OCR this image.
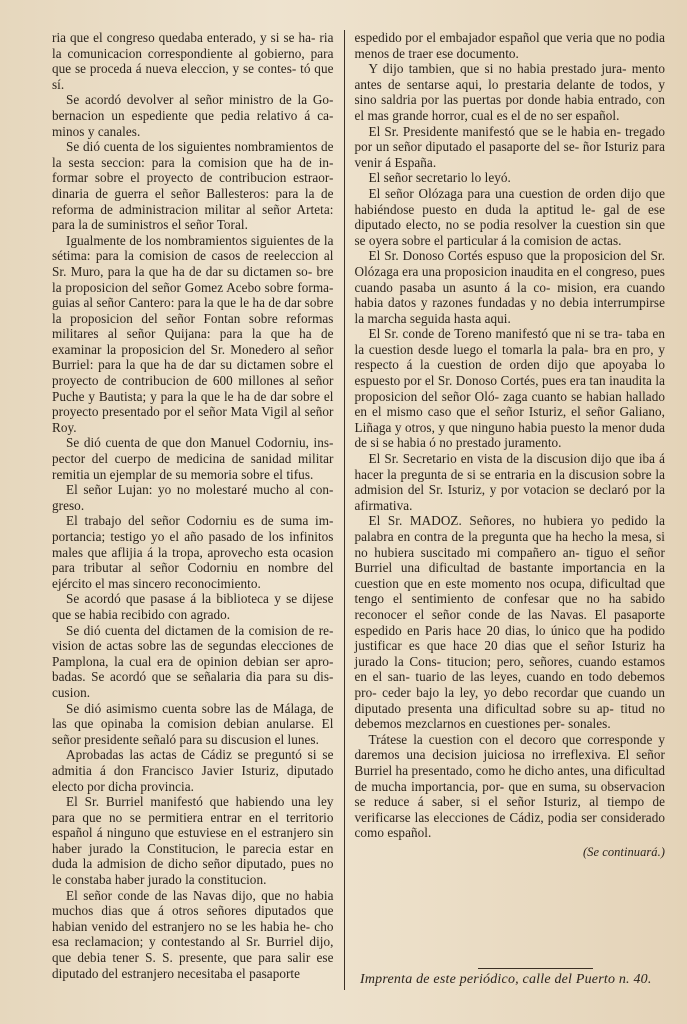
ria que el congreso quedaba enterado, y si se ha- ria la comunicacion correspondiente al gobierno, para que se proceda á nueva eleccion, y se contes- tó que sí.

Se acordó devolver al señor ministro de la Go- bernacion un espediente que pedia relativo á ca- minos y canales.

Se dió cuenta de los siguientes nombramientos de la sesta seccion: para la comision que ha de in- formar sobre el proyecto de contribucion estraor- dinaria de guerra el señor Ballesteros: para la de reforma de administracion militar al señor Arteta: para la de suministros el señor Toral.

Igualmente de los nombramientos siguientes de la sétima: para la comision de casos de reeleccion al Sr. Muro, para la que ha de dar su dictamen so- bre la proposicion del señor Gomez Acebo sobre forma-guias al señor Cantero: para la que le ha de dar sobre la proposicion del señor Fontan sobre reformas militares al señor Quijana: para la que ha de examinar la proposicion del Sr. Monedero al señor Burriel: para la que ha de dar su dictamen sobre el proyecto de contribucion de 600 millones al señor Puche y Bautista; y para la que le ha de dar sobre el proyecto presentado por el señor Mata Vigil al señor Roy.

Se dió cuenta de que don Manuel Codorniu, ins- pector del cuerpo de medicina de sanidad militar remitia un ejemplar de su memoria sobre el tifus.

El señor Lujan: yo no molestaré mucho al con- greso.

El trabajo del señor Codorniu es de suma im- portancia; testigo yo el año pasado de los infinitos males que aflijia á la tropa, aprovecho esta ocasion para tributar al señor Codorniu en nombre del ejército el mas sincero reconocimiento.

Se acordó que pasase á la biblioteca y se dijese que se habia recibido con agrado.

Se dió cuenta del dictamen de la comision de re- vision de actas sobre las de segundas elecciones de Pamplona, la cual era de opinion debian ser apro- badas. Se acordó que se señalaria dia para su dis- cusion.

Se dió asimismo cuenta sobre las de Málaga, de las que opinaba la comision debian anularse. El señor presidente señaló para su discusion el lunes.

Aprobadas las actas de Cádiz se preguntó si se admitia á don Francisco Javier Isturiz, diputado electo por dicha provincia.

El Sr. Burriel manifestó que habiendo una ley para que no se permitiera entrar en el territorio español á ninguno que estuviese en el estranjero sin haber jurado la Constitucion, le parecia estar en duda la admision de dicho señor diputado, pues no le constaba haber jurado la constitucion.

El señor conde de las Navas dijo, que no habia muchos dias que á otros señores diputados que habian venido del estranjero no se les habia he- cho esa reclamacion; y contestando al Sr. Burriel dijo, que debia tener S. S. presente, que para salir ese diputado del estranjero necesitaba el pasaporte

espedido por el embajador español que veria que no podia menos de traer ese documento.

Y dijo tambien, que si no habia prestado jura- mento antes de sentarse aqui, lo prestaria delante de todos, y sino saldria por las puertas por donde habia entrado, con el mas grande horror, cual es el de no ser español.

El Sr. Presidente manifestó que se le habia en- tregado por un señor diputado el pasaporte del se- ñor Isturiz para venir á España.

El señor secretario lo leyó.

El señor Olózaga para una cuestion de orden dijo que habiéndose puesto en duda la aptitud le- gal de ese diputado electo, no se podia resolver la cuestion sin que se oyera sobre el particular á la comision de actas.

El Sr. Donoso Cortés espuso que la proposicion del Sr. Olózaga era una proposicion inaudita en el congreso, pues cuando pasaba un asunto á la co- mision, era cuando habia datos y razones fundadas y no debia interrumpirse la marcha seguida hasta aqui.

El Sr. conde de Toreno manifestó que ni se tra- taba en la cuestion desde luego el tomarla la pala- bra en pro, y respecto á la cuestion de orden dijo que apoyaba lo espuesto por el Sr. Donoso Cortés, pues era tan inaudita la proposicion del señor Oló- zaga cuanto se habian hallado en el mismo caso que el señor Isturiz, el señor Galiano, Liñaga y otros, y que ninguno habia puesto la menor duda de si se habia ó no prestado juramento.

El Sr. Secretario en vista de la discusion dijo que iba á hacer la pregunta de si se entraria en la discusion sobre la admision del Sr. Isturiz, y por votacion se declaró por la afirmativa.

El Sr. MADOZ. Señores, no hubiera yo pedido la palabra en contra de la pregunta que ha hecho la mesa, si no hubiera suscitado mi compañero an- tiguo el señor Burriel una dificultad de bastante importancia en la cuestion que en este momento nos ocupa, dificultad que tengo el sentimiento de confesar que no ha sabido reconocer el señor conde de las Navas. El pasaporte espedido en Paris hace 20 dias, lo único que ha podido justificar es que hace 20 dias que el señor Isturiz ha jurado la Cons- titucion; pero, señores, cuando estamos en el san- tuario de las leyes, cuando en todo debemos pro- ceder bajo la ley, yo debo recordar que cuando un diputado presenta una dificultad sobre su ap- titud no debemos mezclarnos en cuestiones per- sonales.

Trátese la cuestion con el decoro que corresponde y daremos una decision juiciosa no irreflexiva. El señor Burriel ha presentado, como he dicho antes, una dificultad de mucha importancia, por- que en suma, su observacion se reduce á saber, si el señor Isturiz, al tiempo de verificarse las elecciones de Cádiz, podia ser considerado como español.

(Se continuará.)
Imprenta de este periódico, calle del Puerto n. 40.
